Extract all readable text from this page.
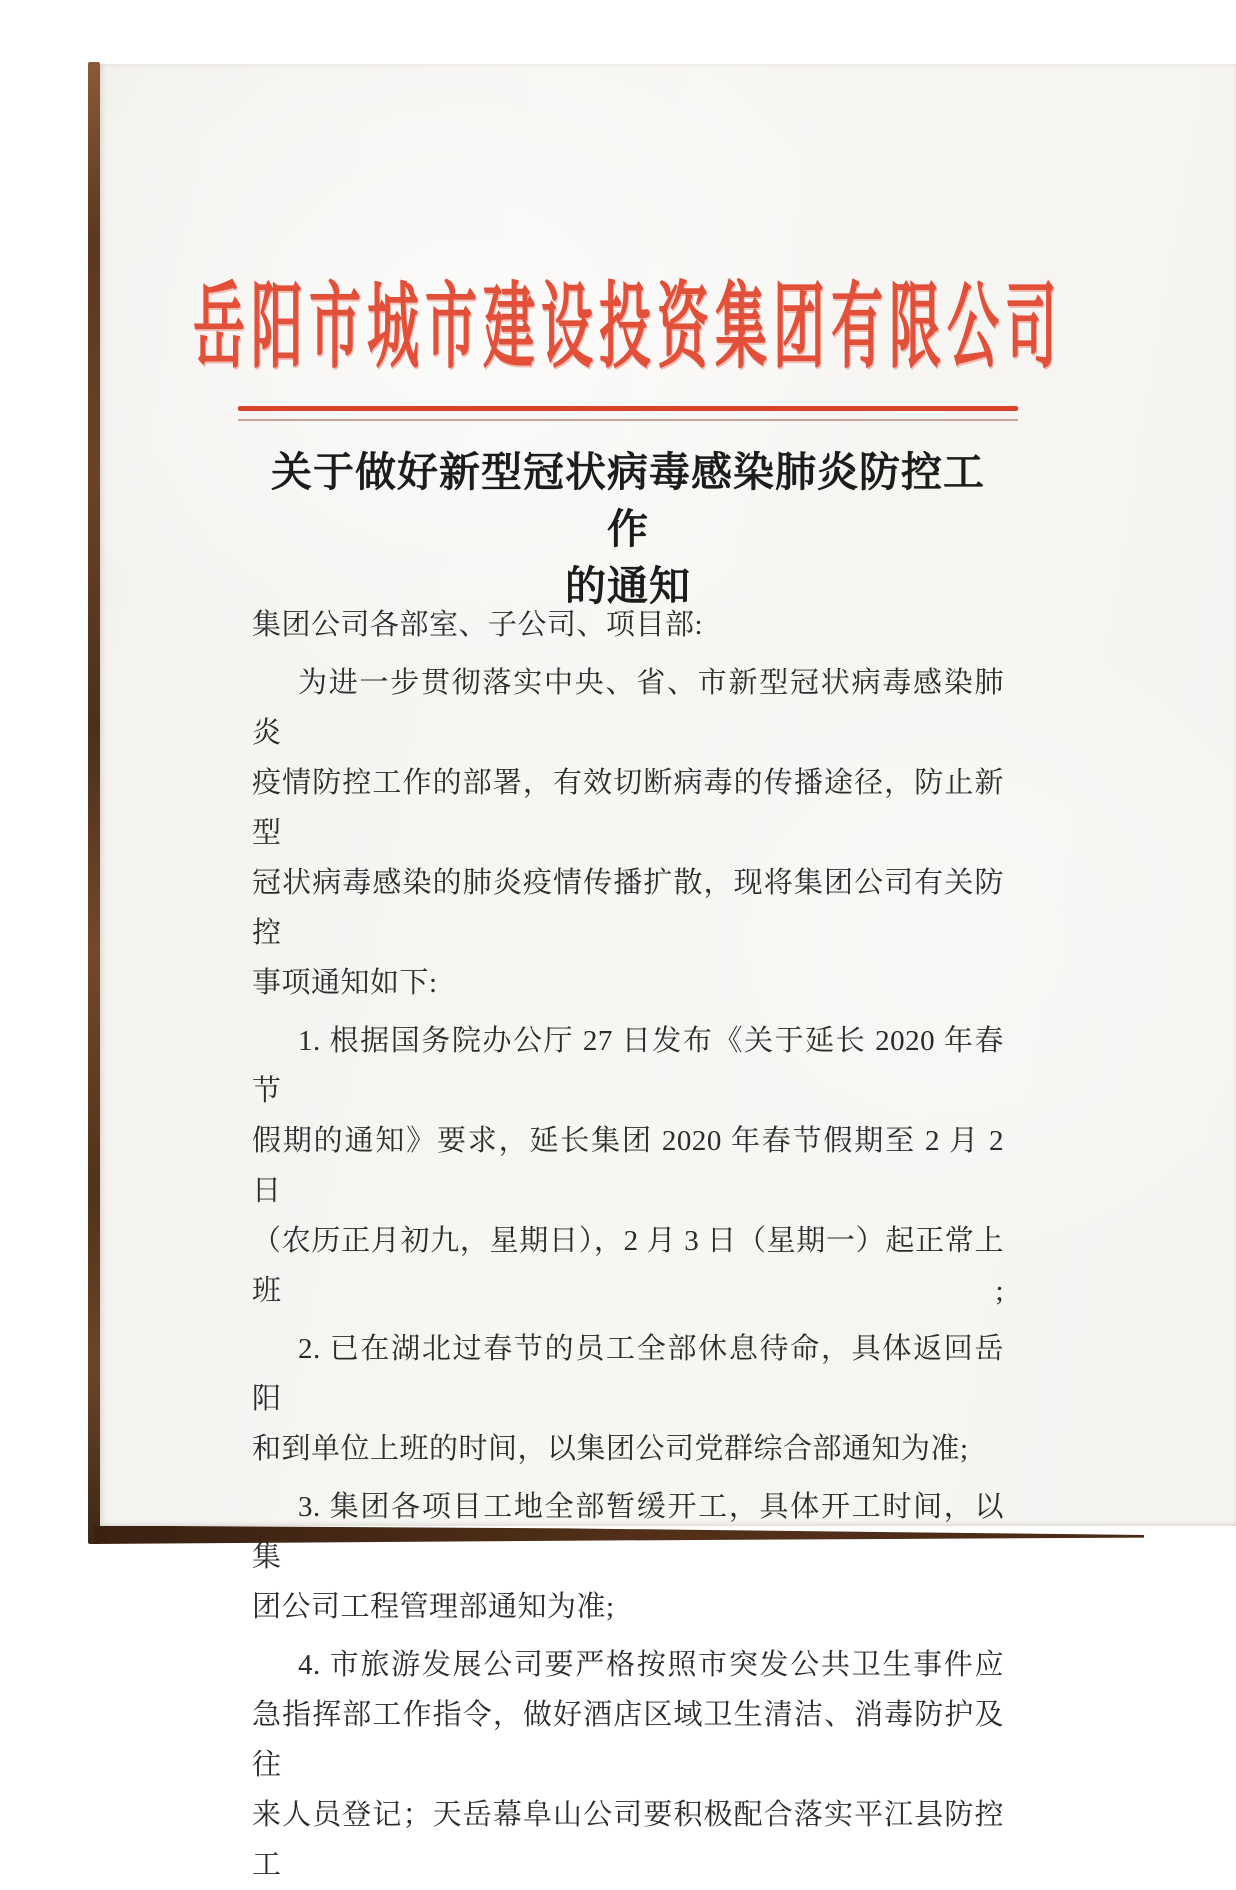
岳阳市城市建设投资集团有限公司
关于做好新型冠状病毒感染肺炎防控工作
的通知
集团公司各部室、子公司、项目部:
为进一步贯彻落实中央、省、市新型冠状病毒感染肺炎
疫情防控工作的部署，有效切断病毒的传播途径，防止新型
冠状病毒感染的肺炎疫情传播扩散，现将集团公司有关防控
事项通知如下:
1. 根据国务院办公厅 27 日发布《关于延长 2020 年春节
假期的通知》要求，延长集团 2020 年春节假期至 2 月 2 日
（农历正月初九，星期日），2 月 3 日（星期一）起正常上班;
2. 已在湖北过春节的员工全部休息待命，具体返回岳阳
和到单位上班的时间，以集团公司党群综合部通知为准;
3. 集团各项目工地全部暂缓开工，具体开工时间，以集
团公司工程管理部通知为准;
4. 市旅游发展公司要严格按照市突发公共卫生事件应
急指挥部工作指令，做好酒店区域卫生清洁、消毒防护及往
来人员登记；天岳幕阜山公司要积极配合落实平江县防控工
